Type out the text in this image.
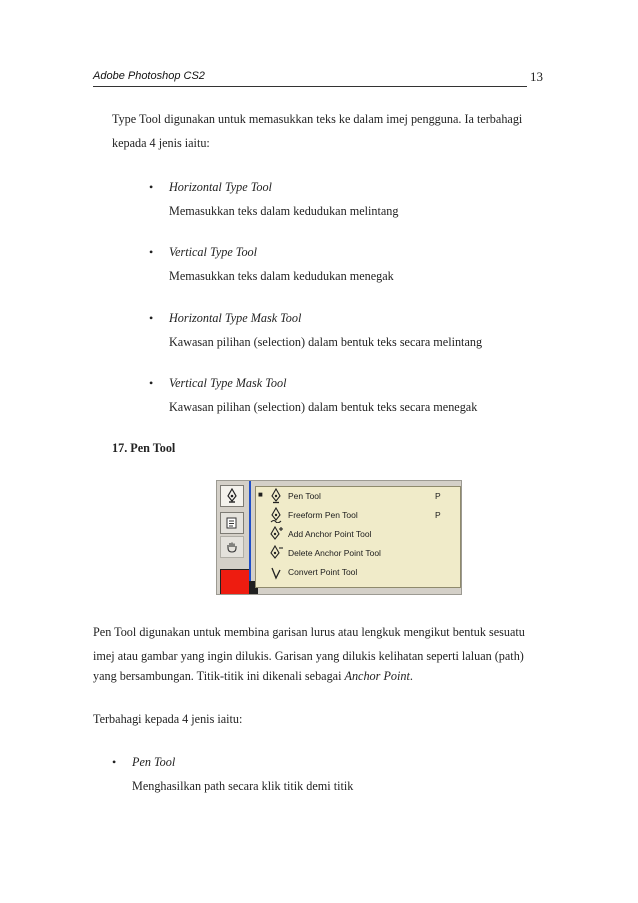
Adobe Photoshop CS2	13
Type Tool digunakan untuk memasukkan teks ke dalam imej pengguna. Ia terbahagi
kepada 4 jenis iaitu:
• Horizontal Type Tool
Memasukkan teks dalam kedudukan melintang
• Vertical Type Tool
Memasukkan teks dalam kedudukan menegak
• Horizontal Type Mask Tool
Kawasan pilihan (selection) dalam bentuk teks secara melintang
• Vertical Type Mask Tool
Kawasan pilihan (selection) dalam bentuk teks secara menegak
17. Pen Tool
■	Pen Tool	P
Freeform Pen Tool	P
Add Anchor Point Tool
Delete Anchor Point Tool
Convert Point Tool
Pen Tool digunakan untuk membina garisan lurus atau lengkuk mengikut bentuk sesuatu
imej atau gambar yang ingin dilukis. Garisan yang dilukis kelihatan seperti laluan (path)
yang bersambungan. Titik-titik ini dikenali sebagai Anchor Point.
Terbahagi kepada 4 jenis iaitu:
• Pen Tool
Menghasilkan path secara klik titik demi titik
